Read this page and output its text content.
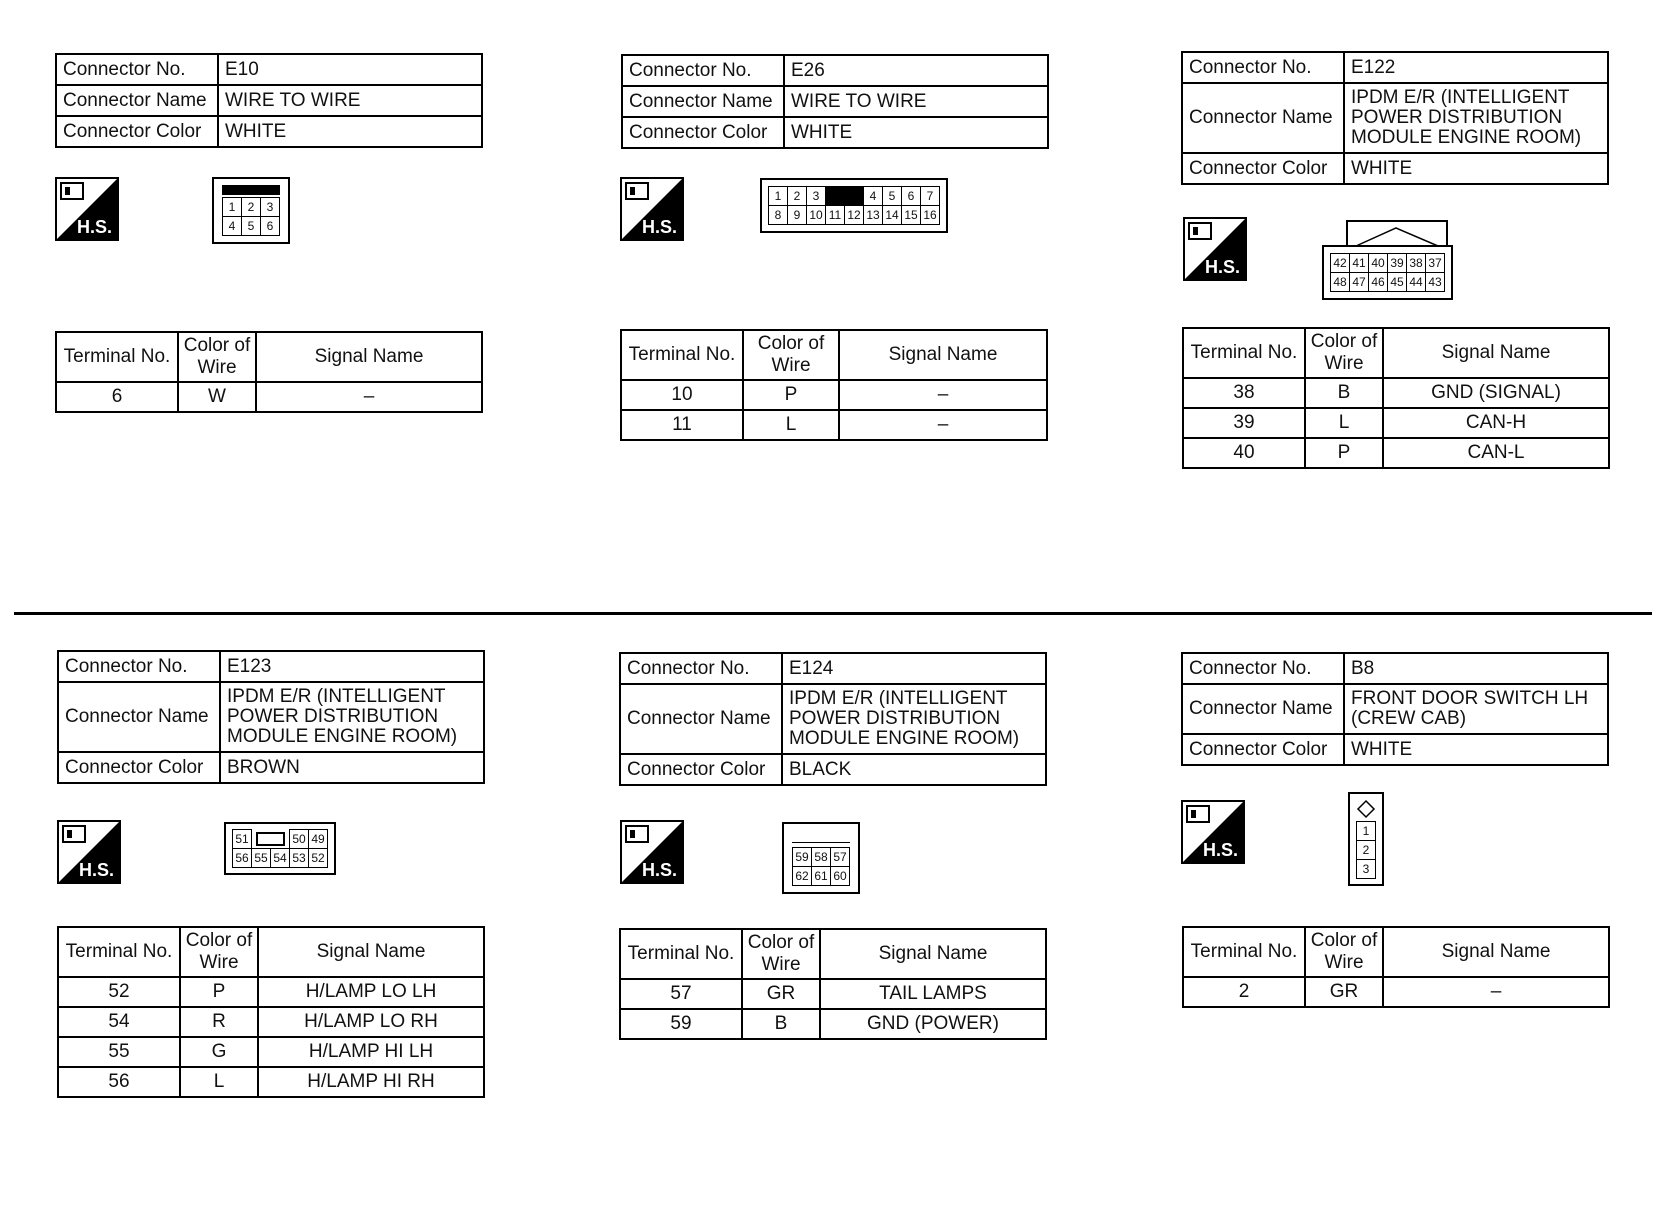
Connector No.	E10
Connector Name	WIRE TO WIRE
Connector Color	WHITE
H.S.
1	2	3
4	5	6
Terminal No.	Color of Wire	Signal Name
6	W	–
Connector No.	E26
Connector Name	WIRE TO WIRE
Connector Color	WHITE
H.S.
1	2	3			4	5	6	7
8	9	10	11	12	13	14	15	16
Terminal No.	Color of Wire	Signal Name
10	P	–
11	L	–
Connector No.	E122
Connector Name	IPDM E/R (INTELLIGENT POWER DISTRIBUTION MODULE ENGINE ROOM)
Connector Color	WHITE
H.S.	42	41	40	39	38	37
48	47	46	45	44	43
Terminal No.	Color of Wire	Signal Name
38	B	GND (SIGNAL)
39	L	CAN-H
40	P	CAN-L
Connector No.	E123
Connector Name	IPDM E/R (INTELLIGENT POWER DISTRIBUTION MODULE ENGINE ROOM)
Connector Color	BROWN
H.S.
51			50	49
56	55	54	53	52
Terminal No.	Color of Wire	Signal Name
52	P	H/LAMP LO LH
54	R	H/LAMP LO RH
55	G	H/LAMP HI LH
56	L	H/LAMP HI RH
Connector No.	E124
Connector Name	IPDM E/R (INTELLIGENT POWER DISTRIBUTION MODULE ENGINE ROOM)
Connector Color	BLACK
H.S.
59	58	57
62	61	60
Terminal No.	Color of Wire	Signal Name
57	GR	TAIL LAMPS
59	B	GND (POWER)
Connector No.	B8
Connector Name	FRONT DOOR SWITCH LH (CREW CAB)
Connector Color	WHITE
H.S.
1
2
3
Terminal No.	Color of Wire	Signal Name
2	GR	–
